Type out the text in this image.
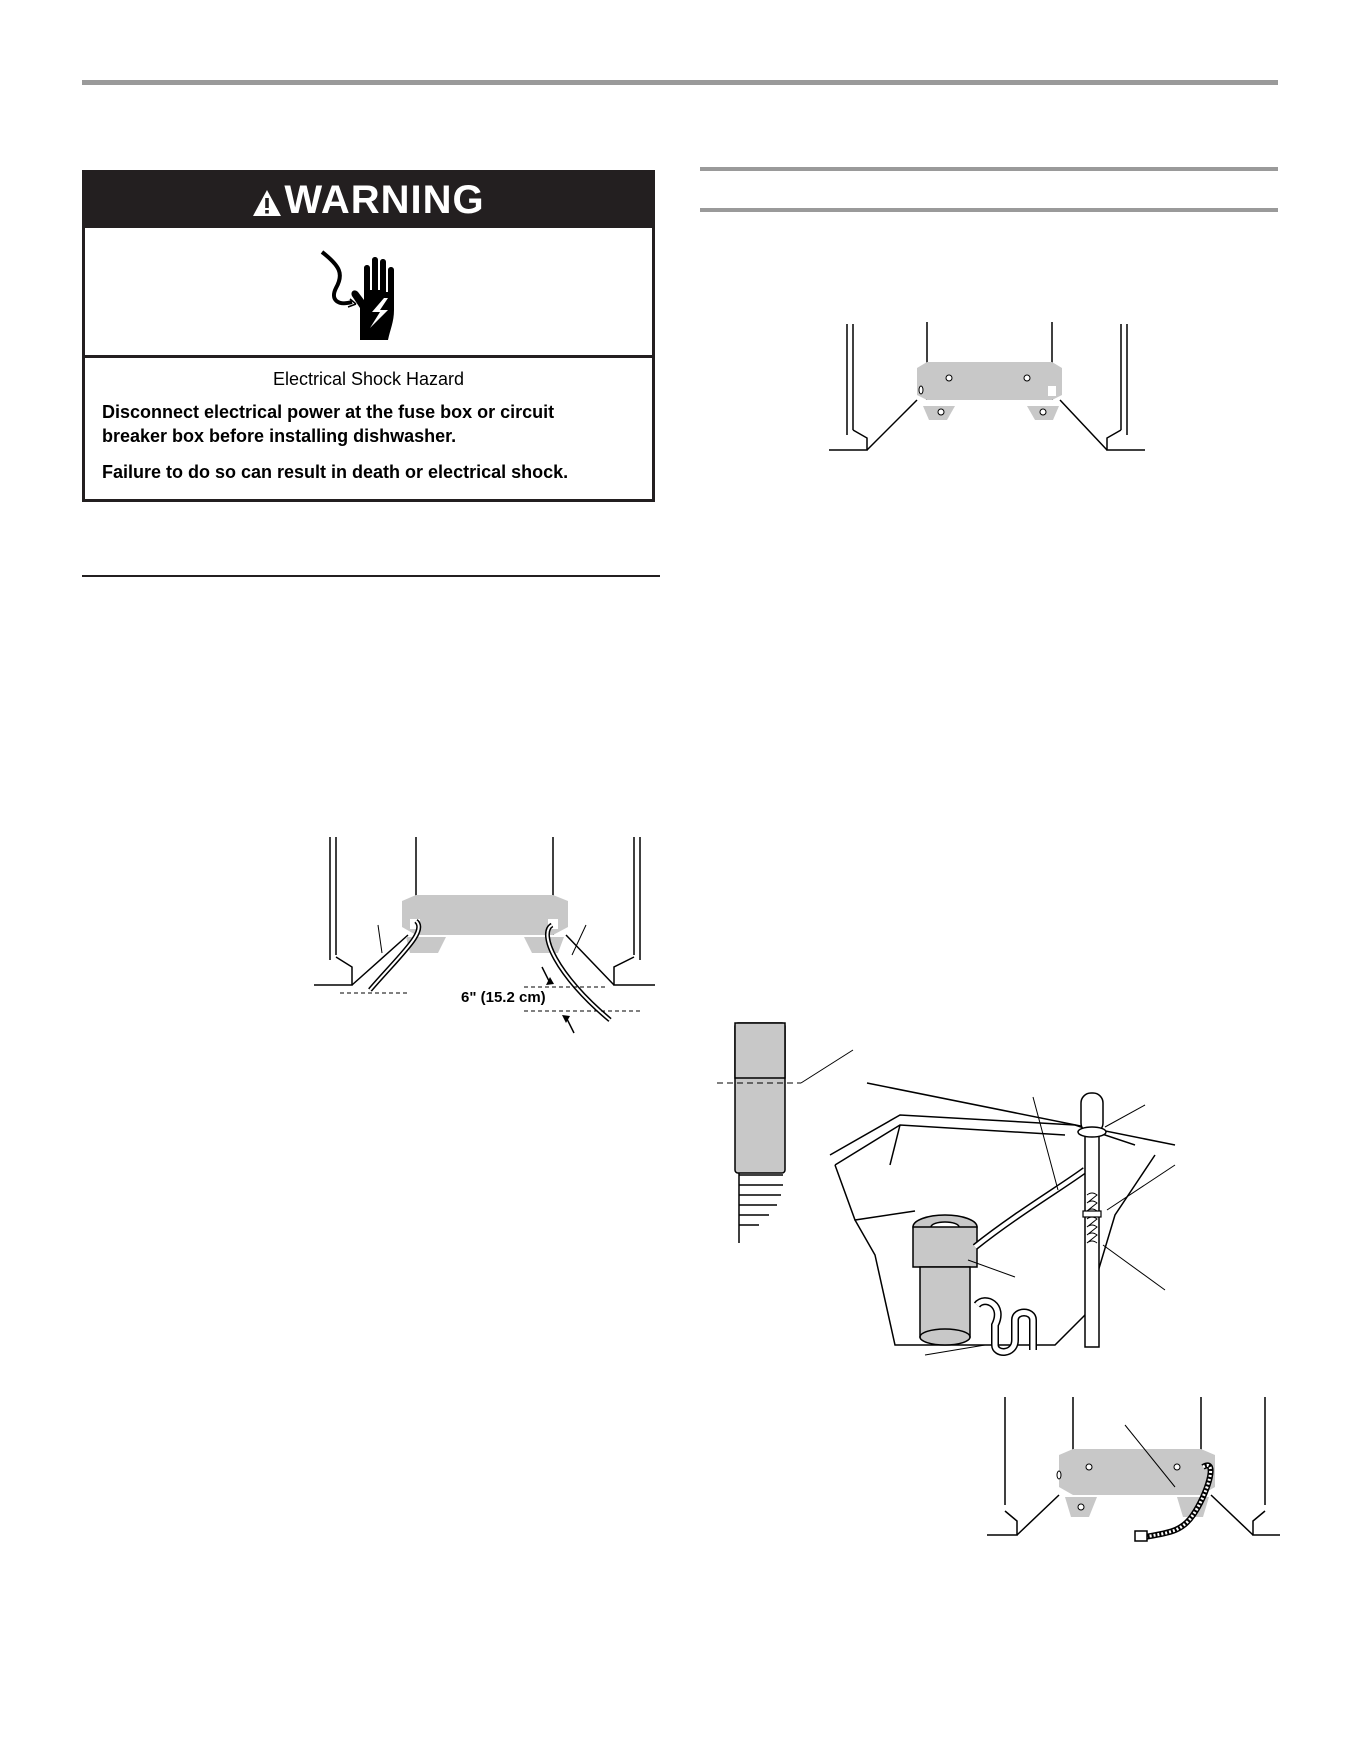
WARNING
Electrical Shock Hazard

Disconnect electrical power at the fuse box or circuit

breaker box before installing dishwasher.

Failure to do so can result in death or electrical shock.

6" (15.2 cm)
